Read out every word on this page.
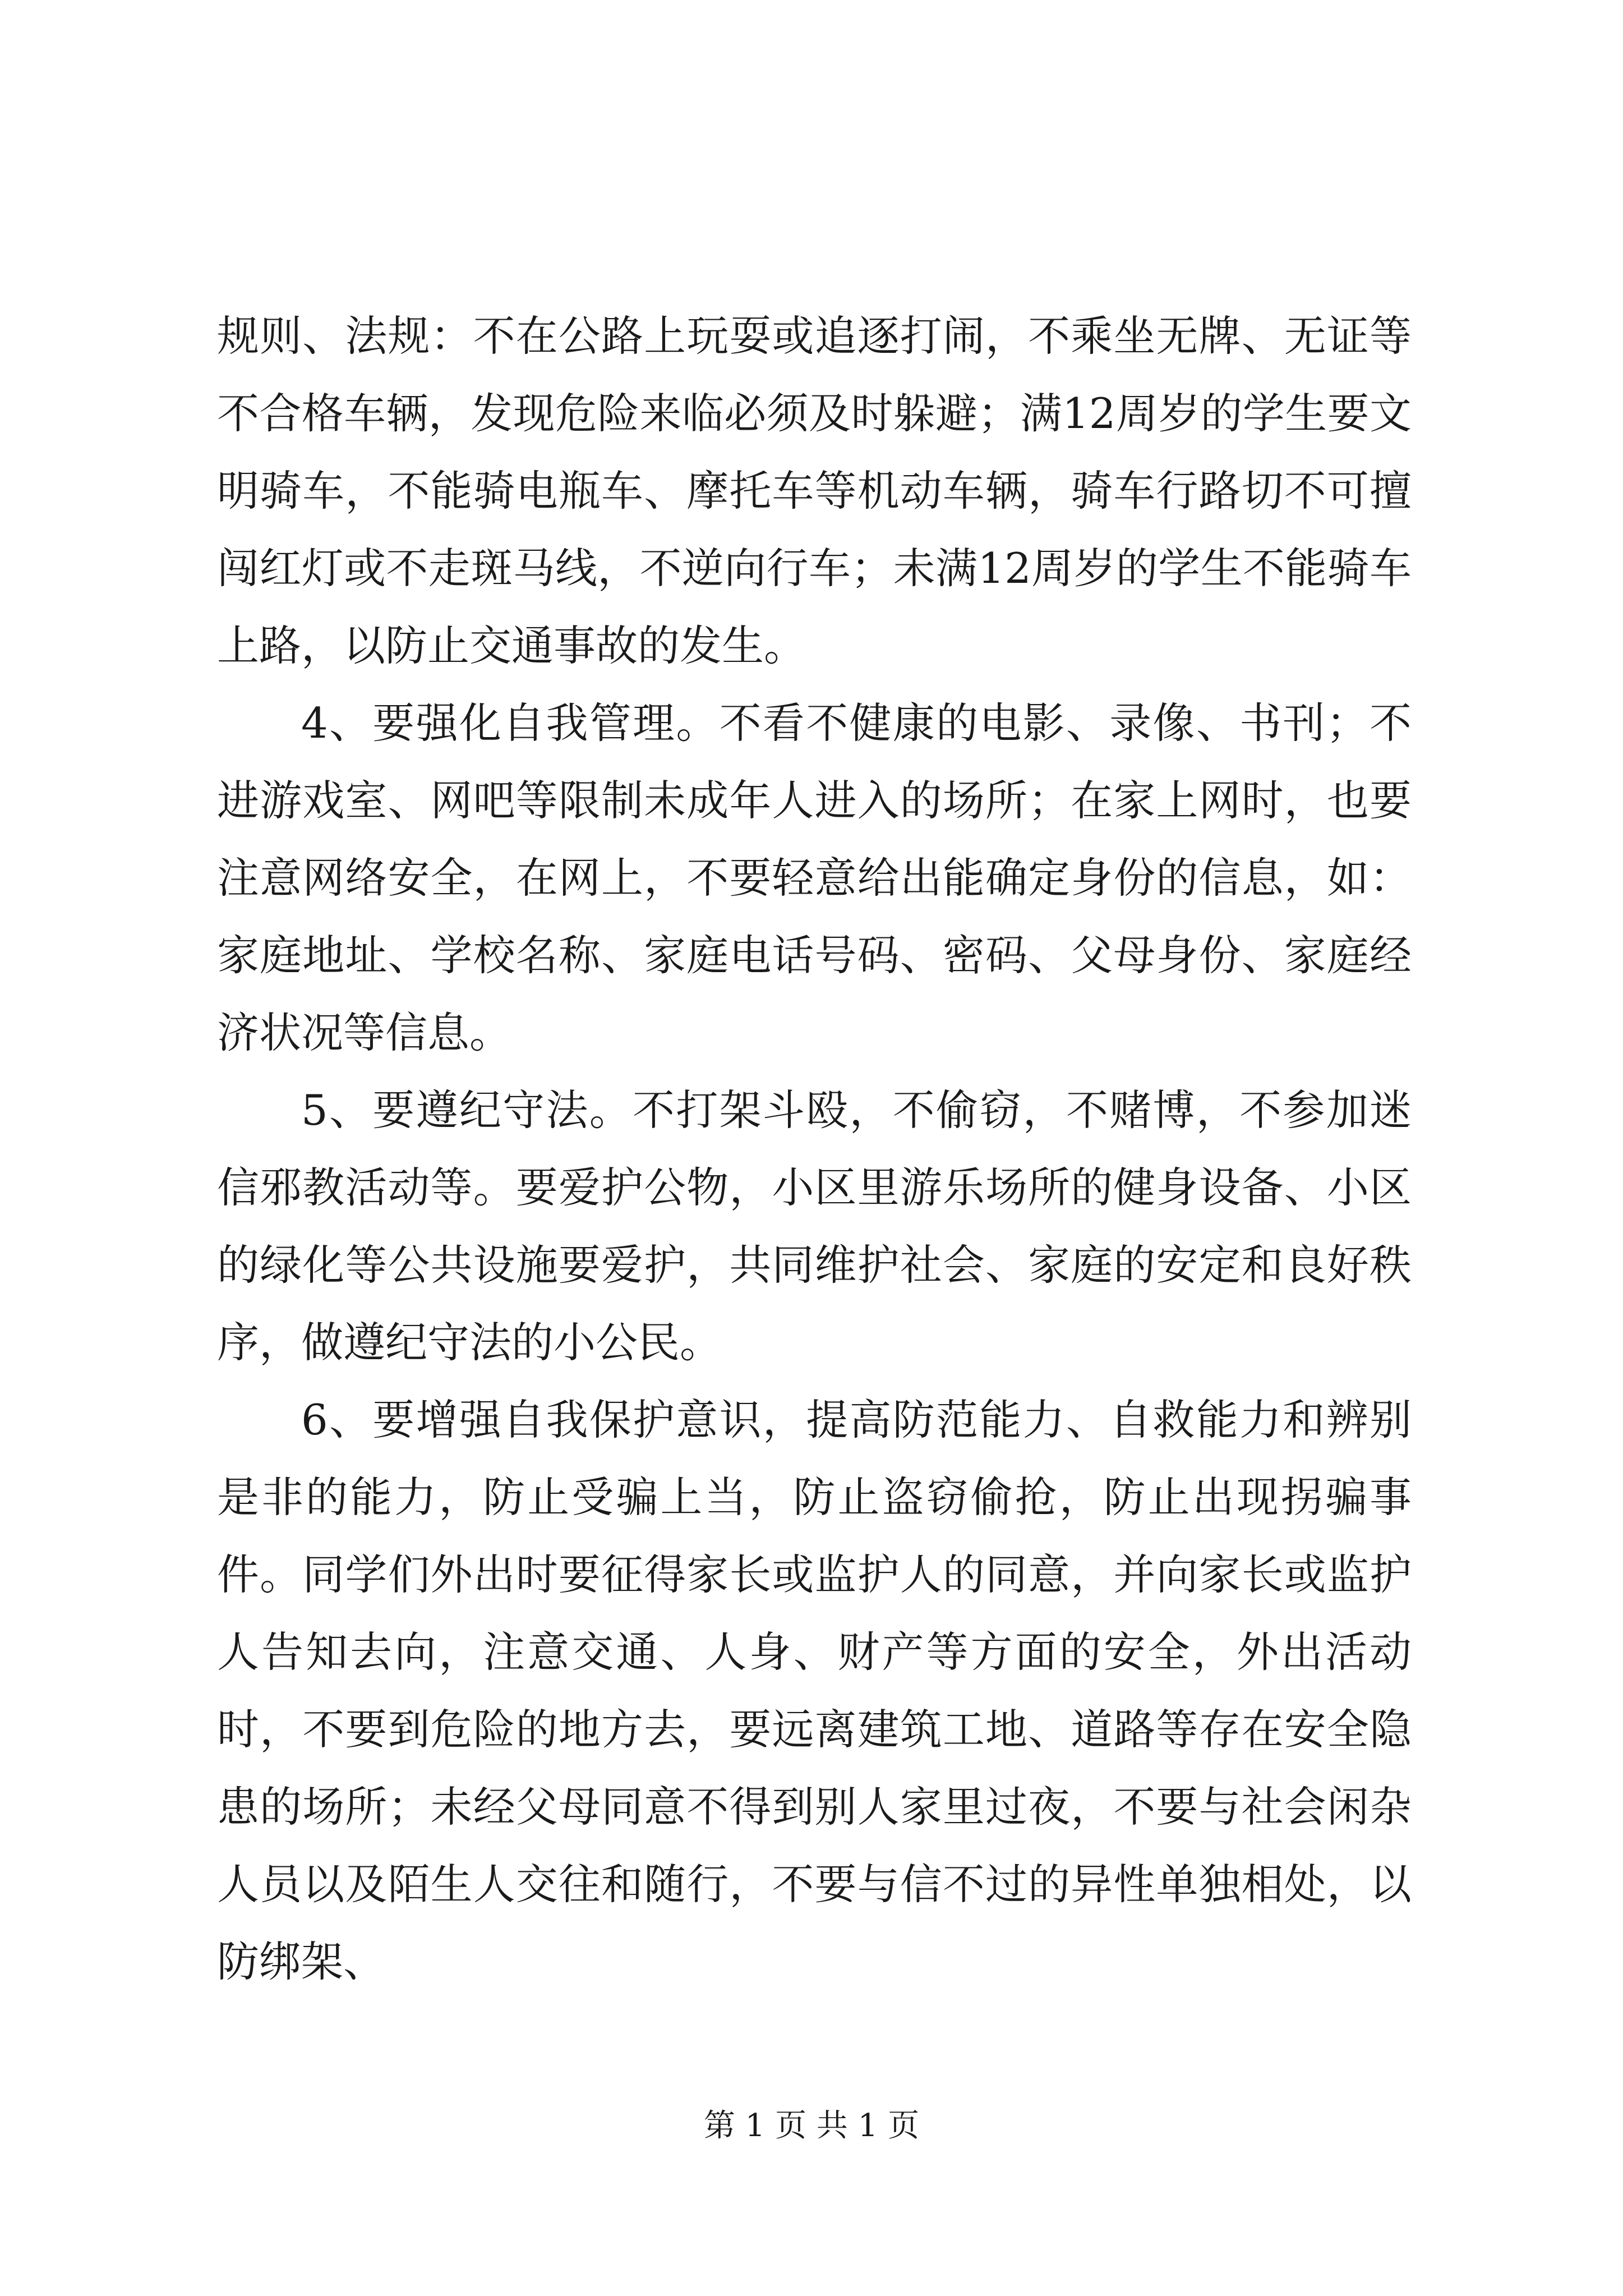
规则、法规：不在公路上玩耍或追逐打闹，不乘坐无牌、无证等不合格车辆，发现危险来临必须及时躲避；满12周岁的学生要文明骑车，不能骑电瓶车、摩托车等机动车辆，骑车行路切不可擅闯红灯或不走斑马线，不逆向行车；未满12周岁的学生不能骑车上路，以防止交通事故的发生。

4、要强化自我管理。不看不健康的电影、录像、书刊；不进游戏室、网吧等限制未成年人进入的场所；在家上网时，也要注意网络安全，在网上，不要轻意给出能确定身份的信息，如：家庭地址、学校名称、家庭电话号码、密码、父母身份、家庭经济状况等信息。

5、要遵纪守法。不打架斗殴，不偷窃，不赌博，不参加迷信邪教活动等。要爱护公物，小区里游乐场所的健身设备、小区的绿化等公共设施要爱护，共同维护社会、家庭的安定和良好秩序，做遵纪守法的小公民。

6、要增强自我保护意识，提高防范能力、自救能力和辨别是非的能力，防止受骗上当，防止盗窃偷抢，防止出现拐骗事件。同学们外出时要征得家长或监护人的同意，并向家长或监护人告知去向，注意交通、人身、财产等方面的安全，外出活动时，不要到危险的地方去，要远离建筑工地、道路等存在安全隐患的场所；未经父母同意不得到别人家里过夜，不要与社会闲杂人员以及陌生人交往和随行，不要与信不过的异性单独相处，以防绑架、

第 1 页 共 1 页
